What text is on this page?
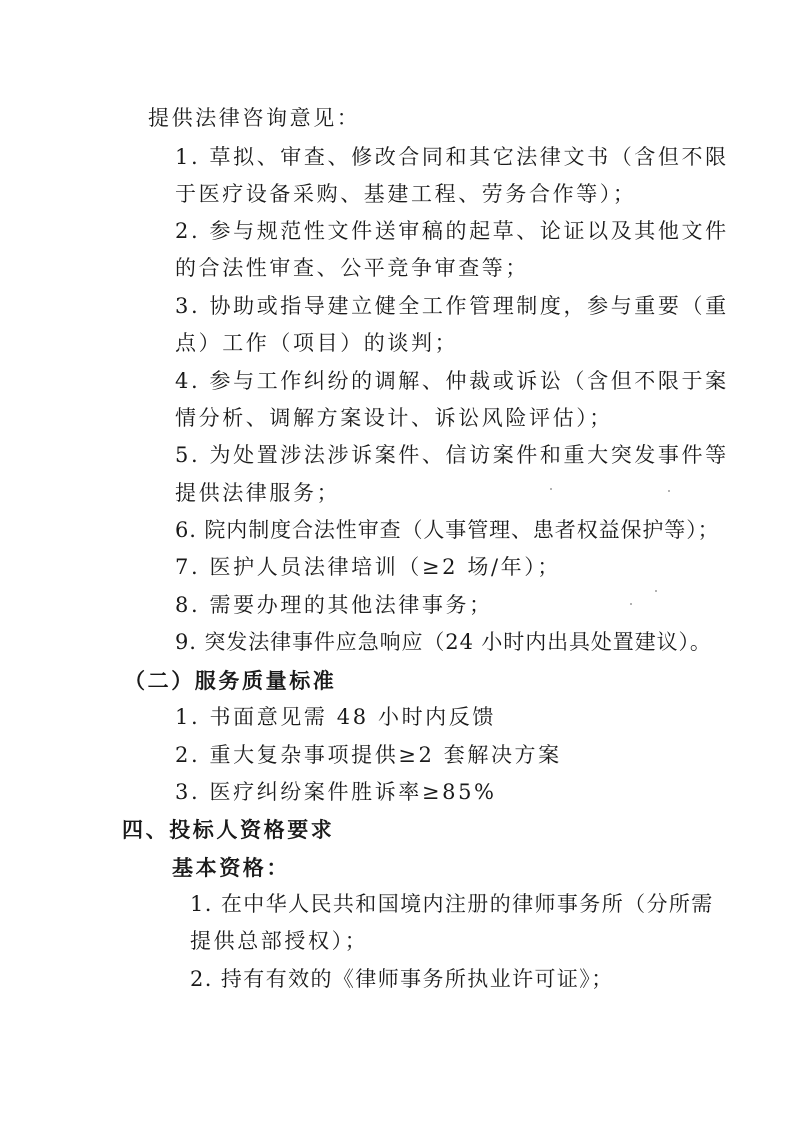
提供法律咨询意见：
1. 草拟、审查、修改合同和其它法律文书（含但不限
于医疗设备采购、基建工程、劳务合作等）；
2. 参与规范性文件送审稿的起草、论证以及其他文件
的合法性审查、公平竞争审查等；
3. 协助或指导建立健全工作管理制度，参与重要（重
点）工作（项目）的谈判；
4. 参与工作纠纷的调解、仲裁或诉讼（含但不限于案
情分析、调解方案设计、诉讼风险评估）；
5. 为处置涉法涉诉案件、信访案件和重大突发事件等
提供法律服务；
6. 院内制度合法性审查（人事管理、患者权益保护等）；
7. 医护人员法律培训（≥2 场/年）；
8. 需要办理的其他法律事务；
9. 突发法律事件应急响应（24 小时内出具处置建议）。
（二）服务质量标准
1. 书面意见需 48 小时内反馈
2. 重大复杂事项提供≥2 套解决方案
3. 医疗纠纷案件胜诉率≥85%
四、投标人资格要求
基本资格：
1. 在中华人民共和国境内注册的律师事务所（分所需
提供总部授权）；
2. 持有有效的《律师事务所执业许可证》；
